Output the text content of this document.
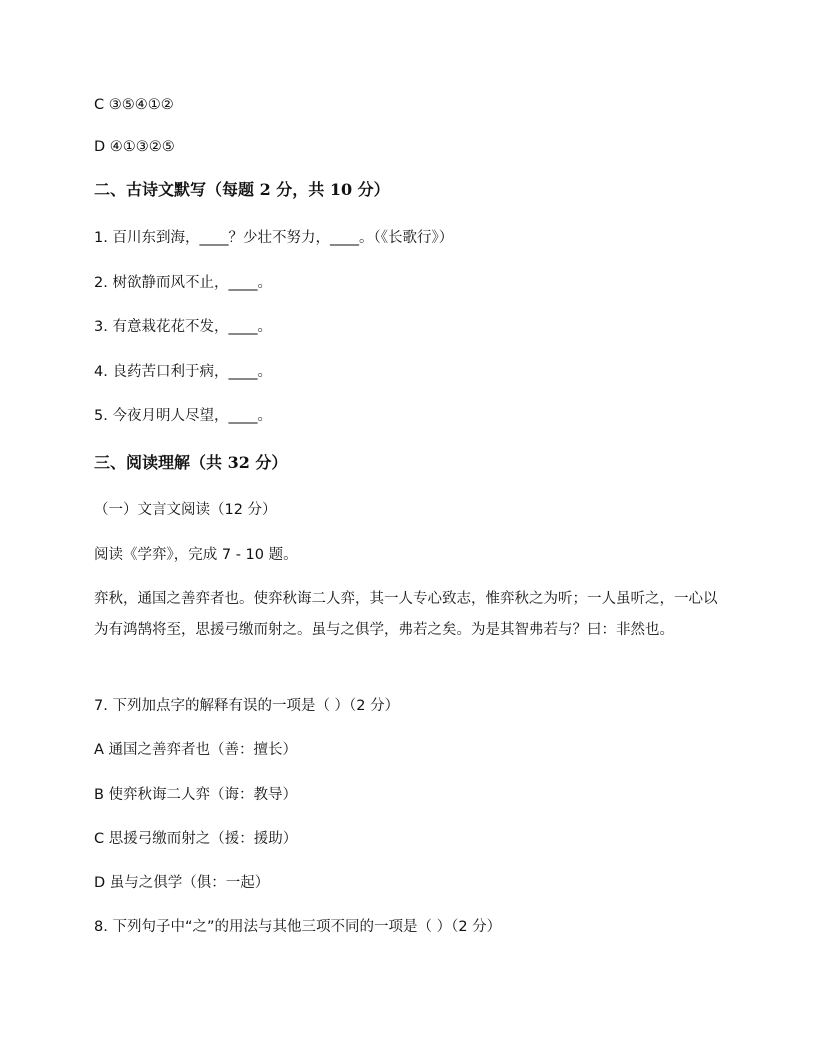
C ③⑤④①②
D ④①③②⑤
二、古诗文默写（每题 2 分，共 10 分）
1. 百川东到海，____？少壮不努力，____。（《长歌行》）
2. 树欲静而风不止，____。
3. 有意栽花花不发，____。
4. 良药苦口利于病，____。
5. 今夜月明人尽望，____。
三、阅读理解（共 32 分）
（一）文言文阅读（12 分）
阅读《学弈》，完成 7 - 10 题。
弈秋，通国之善弈者也。使弈秋诲二人弈，其一人专心致志，惟弈秋之为听；一人虽听之，一心以为有鸿鹄将至，思援弓缴而射之。虽与之俱学，弗若之矣。为是其智弗若与？曰：非然也。
7. 下列加点字的解释有误的一项是（ ）（2 分）
A 通国之善弈者也（善：擅长）
B 使弈秋诲二人弈（诲：教导）
C 思援弓缴而射之（援：援助）
D 虽与之俱学（俱：一起）
8. 下列句子中“之”的用法与其他三项不同的一项是（ ）（2 分）
